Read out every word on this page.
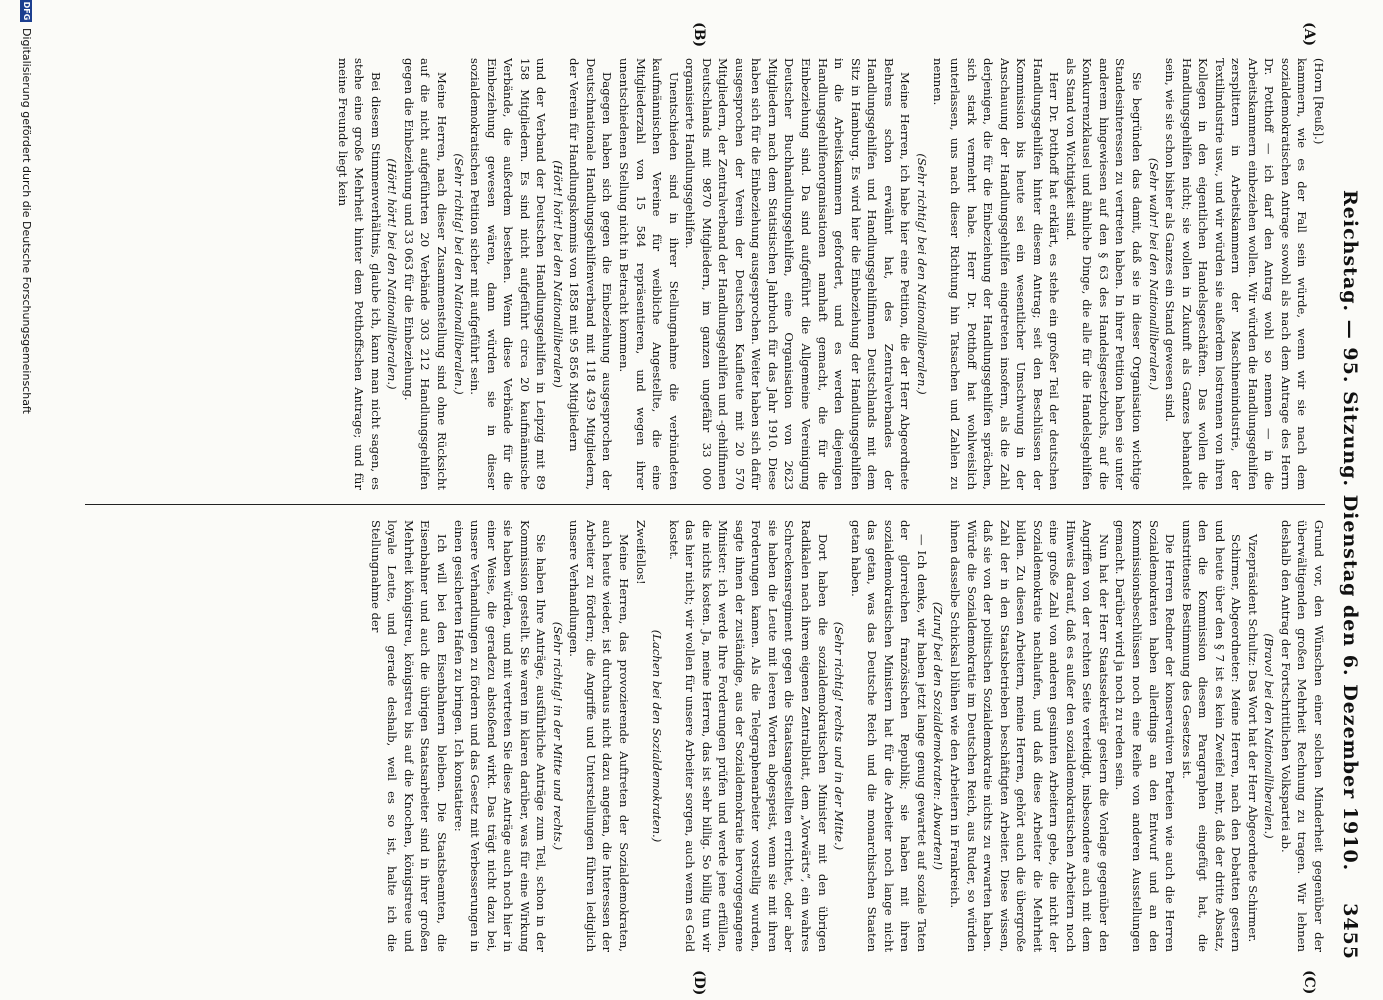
Reichstag. — 95. Sitzung. Dienstag den 6. Dezember 1910.
3455
(A)
(B)
(C)
(D)

(Horn [Reuß].)

kammern, wie es der Fall sein würde, wenn wir sie nach dem sozialdemokratischen Antrage sowohl als nach dem Antrage des Herrn Dr. Potthoff — ich darf den Antrag wohl so nennen — in die Arbeitskammern einbeziehen wollen. Wir würden die Handlungsgehilfen zersplittern in Arbeitskammern der Maschinenindustrie, der Textilindustrie usw., und wir würden sie außerdem lostrennen von ihren Kollegen in den eigentlichen Handelsgeschäften. Das wollen die Handlungsgehilfen nicht; sie wollen in Zukunft als Ganzes behandelt sein, wie sie schon bisher als Ganzes ein Stand gewesen sind.

(Sehr wahr! bei den Nationalliberalen.)

Sie begründen das damit, daß sie in dieser Organisation wichtige Standesinteressen zu vertreten haben. In ihrer Petition haben sie unter anderem hingewiesen auf den § 63 des Handelsgesetzbuchs, auf die Konkurrenzklausel und ähnliche Dinge, die alle für die Handelsgehilfen als Stand von Wichtigkeit sind.

Herr Dr. Potthoff hat erklärt, es stehe ein großer Teil der deutschen Handlungsgehilfen hinter diesem Antrag; seit den Beschlüssen der Kommission bis heute sei ein wesentlicher Umschwung in der Anschauung der Handlungsgehilfen eingetreten insofern, als die Zahl derjenigen, die für die Einbeziehung der Handlungsgehilfen sprächen, sich stark vermehrt habe. Herr Dr. Potthoff hat wohlweislich unterlassen, uns nach dieser Richtung hin Tatsachen und Zahlen zu nennen.

(Sehr richtig! bei den Nationalliberalen.)

Meine Herren, ich habe hier eine Petition, die der Herr Abgeordnete Behrens schon erwähnt hat, des Zentralverbandes der Handlungsgehilfen und Handlungsgehilfinnen Deutschlands mit dem Sitz in Hamburg. Es wird hier die Einbeziehung der Handlungsgehilfen in die Arbeitskammern gefordert, und es werden diejenigen Handlungsgehilfenorganisationen namhaft gemacht, die für die Einbeziehung sind. Da sind aufgeführt die Allgemeine Vereinigung Deutscher Buchhandlungsgehilfen, eine Organisation von 2623 Mitgliedern nach dem Statistischen Jahrbuch für das Jahr 1910. Diese haben sich für die Einbeziehung ausgesprochen. Weiter haben sich dafür ausgesprochen der Verein der Deutschen Kaufleute mit 20 570 Mitgliedern, der Zentralverband der Handlungsgehilfen und -gehilfinnen Deutschlands mit 9870 Mitgliedern, im ganzen ungefähr 33 000 organisierte Handlungsgehilfen.

Unentschieden sind in ihrer Stellungnahme die verbündeten kaufmännischen Vereine für weibliche Angestellte, die eine Mitgliederzahl von 15 584 repräsentieren, und wegen ihrer unentschiedenen Stellung nicht in Betracht kommen.

Dagegen haben sich gegen die Einbeziehung ausgesprochen der Deutschnationale Handlungsgehilfenverband mit 118 439 Mitgliedern, der Verein für Handlungskommis von 1858 mit 95 856 Mitgliedern

(Hört! hört! bei den Nationalliberalen)

und der Verband der Deutschen Handlungsgehilfen in Leipzig mit 89 158 Mitgliedern. Es sind nicht aufgeführt circa 20 kaufmännische Verbände, die außerdem bestehen. Wenn diese Verbände für die Einbeziehung gewesen wären, dann würden sie in dieser sozialdemokratischen Petition sicher mit aufgeführt sein.

(Sehr richtig! bei den Nationalliberalen.)

Meine Herren, nach dieser Zusammenstellung sind ohne Rücksicht auf die nicht aufgeführten 20 Verbände 303 212 Handlungsgehilfen gegen die Einbeziehung und 33 063 für die Einbeziehung.

(Hört! hört! bei den Nationalliberalen.)

Bei diesem Stimmenverhältnis, glaube ich, kann man nicht sagen, es stehe eine große Mehrheit hinter dem Potthoffschen Antrage; und für meine Freunde liegt kein

Grund vor, den Wünschen einer solchen Minderheit gegenüber der überwältigenden großen Mehrheit Rechnung zu tragen. Wir lehnen deshalb den Antrag der Fortschrittlichen Volkspartei ab.

(Bravo! bei den Nationalliberalen.)

Vizepräsident Schultz: Das Wort hat der Herr Abgeordnete Schirmer.

Schirmer, Abgeordneter: Meine Herren, nach den Debatten gestern und heute über den § 7 ist es kein Zweifel mehr, daß der dritte Absatz, den die Kommission diesem Paragraphen eingefügt hat, die umstrittenste Bestimmung des Gesetzes ist.

Die Herren Redner der konservativen Parteien wie auch die Herren Sozialdemokraten haben allerdings an den Entwurf und an den Kommissionsbeschlüssen noch eine Reihe von anderen Ausstellungen gemacht. Darüber wird ja noch zu reden sein.

Nun hat der Herr Staatssekretär gestern die Vorlage gegenüber den Angriffen von der rechten Seite verteidigt, insbesondere auch mit dem Hinweis darauf, daß es außer den sozialdemokratischen Arbeitern noch eine große Zahl von anderen gesinnten Arbeitern gebe, die nicht der Sozialdemokratie nachlaufen, und daß diese Arbeiter die Mehrheit bilden. Zu diesen Arbeitern, meine Herren, gehört auch die übergroße Zahl der in den Staatsbetrieben beschäftigten Arbeiter. Diese wissen, daß sie von der politischen Sozialdemokratie nichts zu erwarten haben. Würde die Sozialdemokratie im Deutschen Reich, aus Ruder, so würden ihnen dasselbe Schicksal blühen wie den Arbeitern in Frankreich.

(Zuruf bei den Sozialdemokraten: Abwarten!)

— Ich denke, wir haben jetzt lange genug gewartet auf soziale Taten der glorreichen französischen Republik; sie haben mit ihren sozialdemokratischen Ministern hat für die Arbeiter noch lange nicht das getan, was das Deutsche Reich und die monarchischen Staaten getan haben.

(Sehr richtig! rechts und in der Mitte.)

Dort haben die sozialdemokratischen Minister mit den übrigen Radikalen nach ihrem eigenen Zentralblatt, dem „Vorwärts“, ein wahres Schreckensregiment gegen die Staatsangestellten errichtet, oder aber sie haben die Leute mit leeren Worten abgespeist, wenn sie mit ihren Forderungen kamen. Als die Telegraphenarbeiter vorstellig wurden, sagte ihnen der zuständige, aus der Sozialdemokratie hervorgegangene Minister: ich werde Ihre Forderungen prüfen und werde jene erfüllen, die nichts kosten. Ja, meine Herren, das ist sehr billig. So billig tun wir das hier nicht; wir wollen für unsere Arbeiter sorgen, auch wenn es Geld kostet.

(Lachen bei den Sozialdemokraten.)

Zweifellos!

Meine Herren, das provozierende Auftreten der Sozialdemokraten, auch heute wieder, ist durchaus nicht dazu angetan, die Interessen der Arbeiter zu fördern; die Angriffe und Unterstellungen führen lediglich unsere Verhandlungen.

(Sehr richtig! in der Mitte und rechts.)

Sie haben Ihre Anträge, ausführliche Anträge zum Teil, schon in der Kommission gestellt. Sie waren im klaren darüber, was für eine Wirkung sie haben würden, und mit vertreten Sie diese Anträge auch noch hier in einer Weise, die geradezu abstoßend wirkt. Das trägt nicht dazu bei, unsere Verhandlungen zu fördern und das Gesetz mit Verbesserungen in einen gesicherten Hafen zu bringen. Ich konstatiere:

Ich will bei den Eisenbahnern bleiben. Die Staatsbeamten, die Eisenbahner und auch die übrigen Staatsarbeiter sind in ihrer großen Mehrheit königstreu, königstreu bis auf die Knochen, königstreue und loyale Leute, und gerade deshalb, weil es so ist, halte ich die Stellungnahme der

DFG
Digitalisierung gefördert durch die Deutsche Forschungsgemeinschaft
